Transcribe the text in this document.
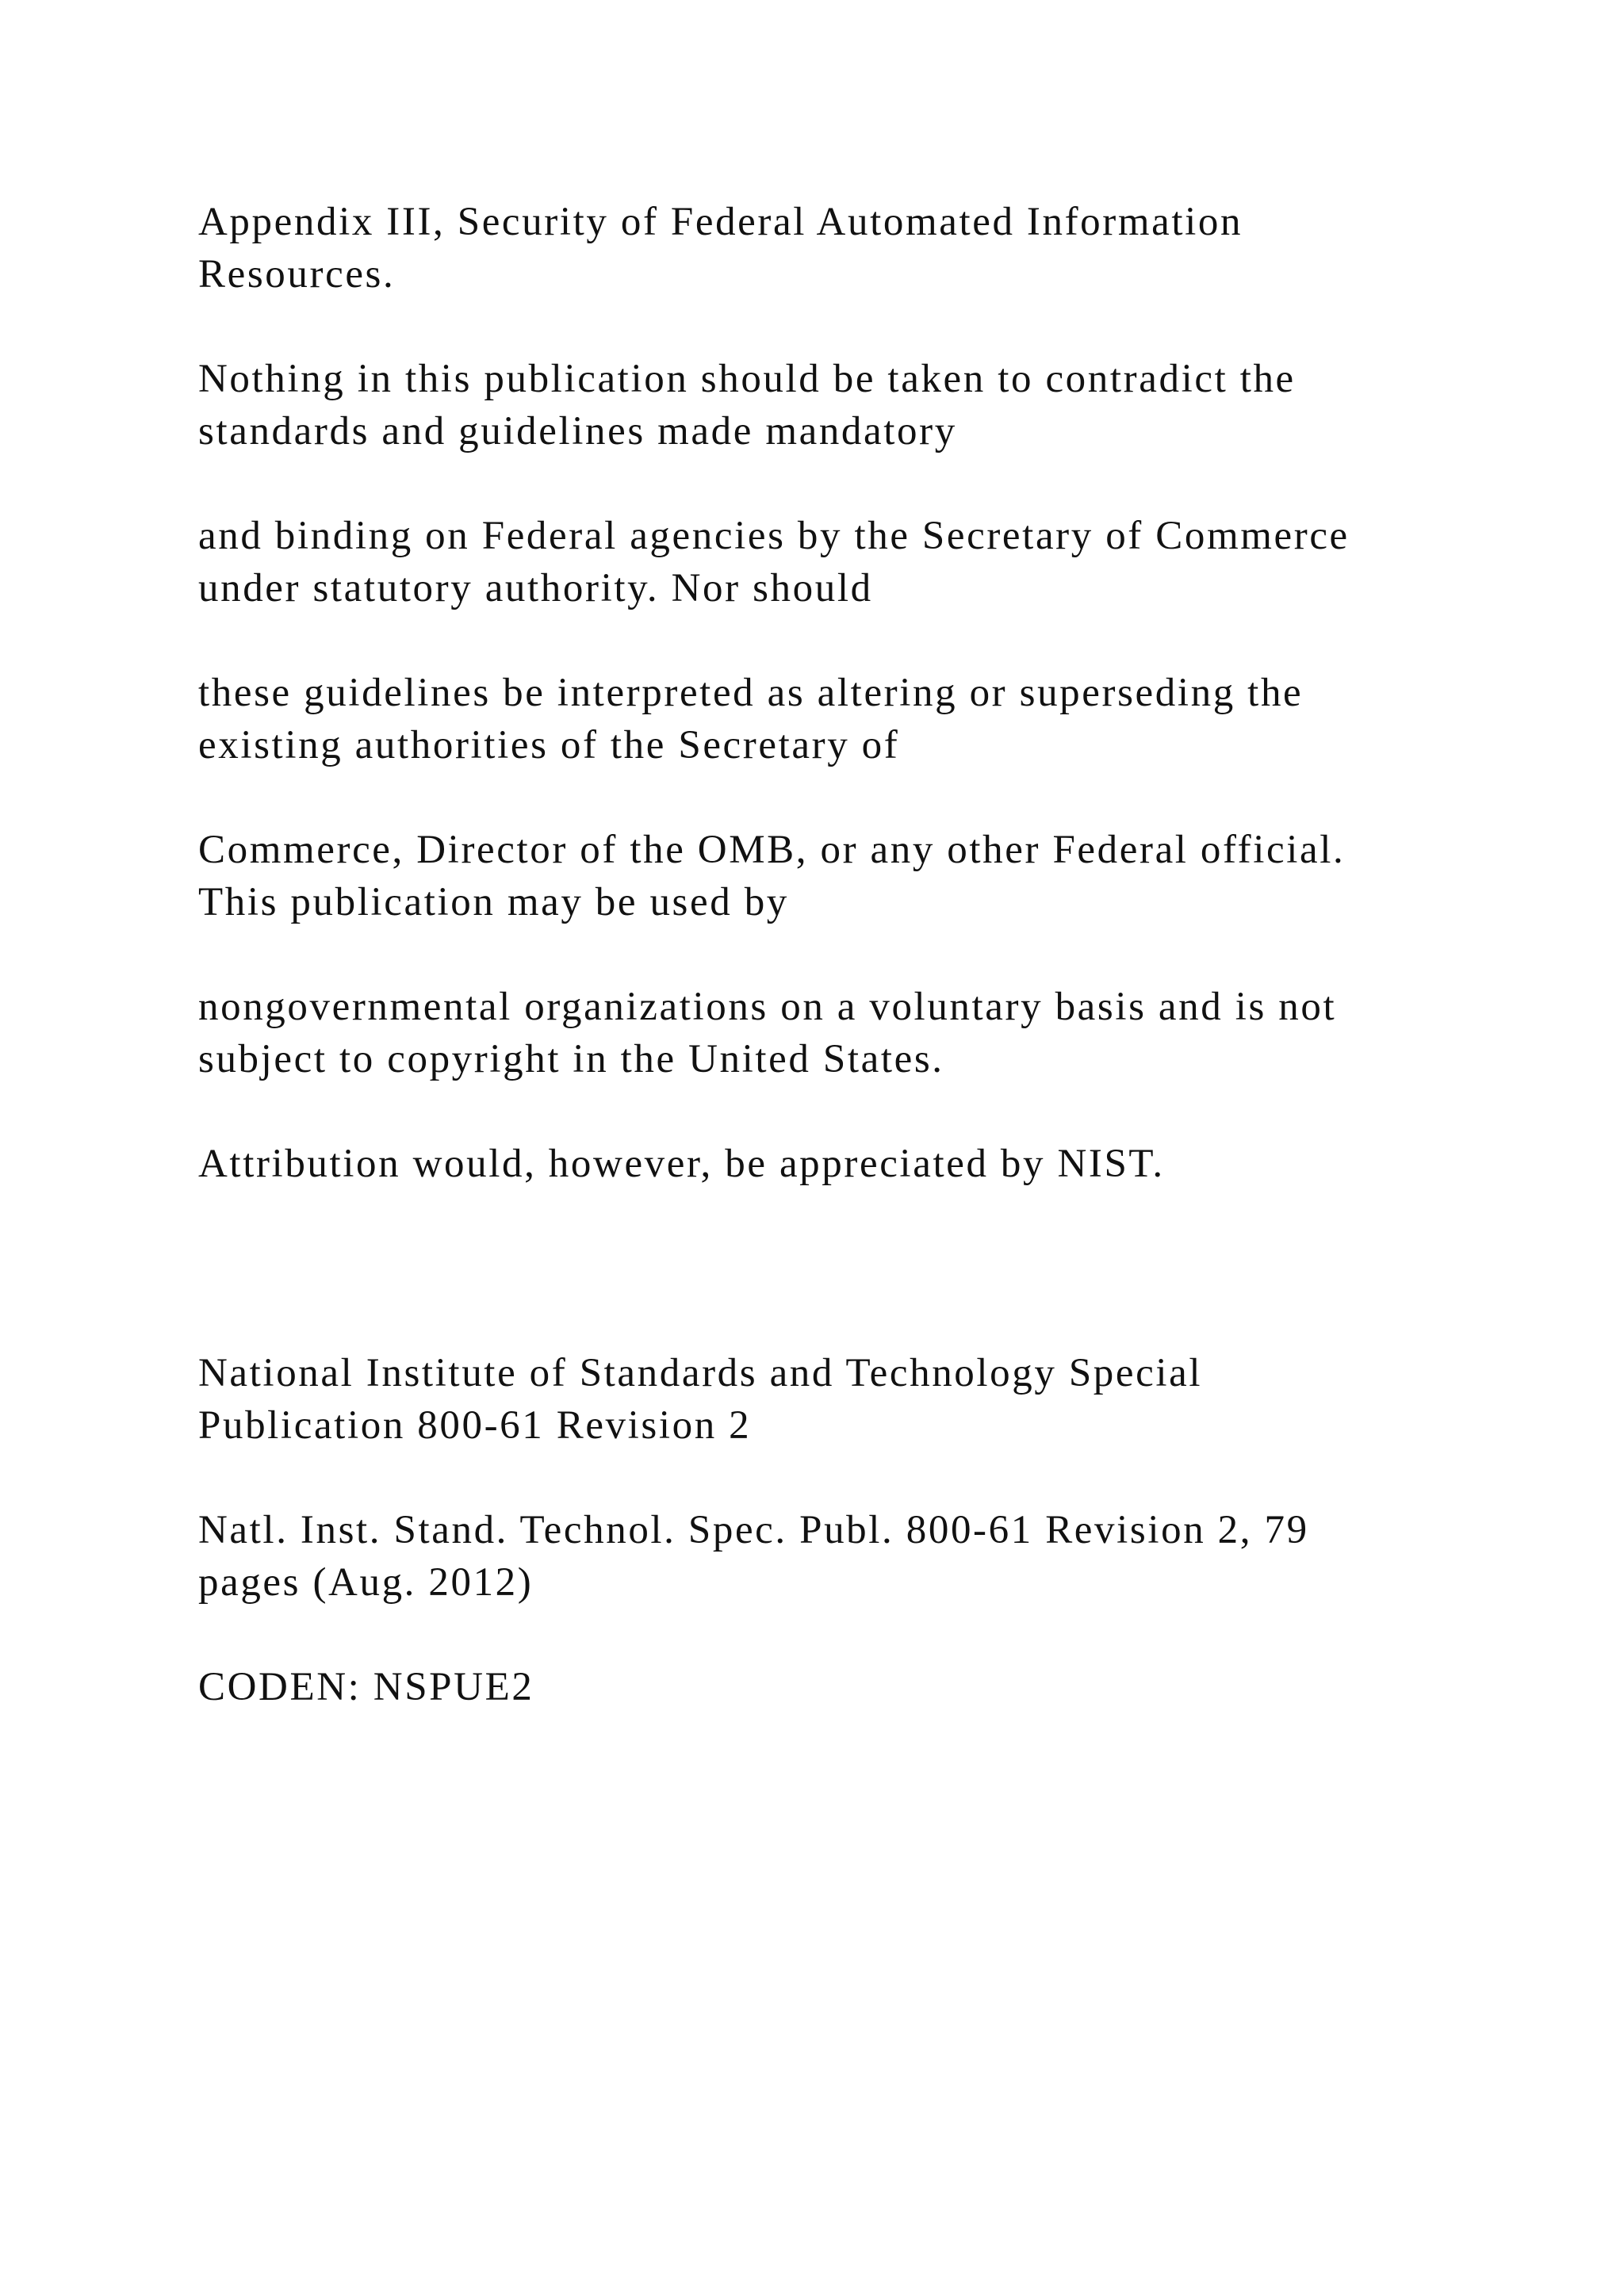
Appendix III, Security of Federal Automated Information
Resources.

Nothing in this publication should be taken to contradict the
standards and guidelines made mandatory

and binding on Federal agencies by the Secretary of Commerce
under statutory authority. Nor should

these guidelines be interpreted as altering or superseding the
existing authorities of the Secretary of

Commerce, Director of the OMB, or any other Federal official.
This publication may be used by

nongovernmental organizations on a voluntary basis and is not
subject to copyright in the United States.

Attribution would, however, be appreciated by NIST.

National Institute of Standards and Technology Special
Publication 800-61 Revision 2

Natl. Inst. Stand. Technol. Spec. Publ. 800-61 Revision 2, 79
pages (Aug. 2012)

CODEN: NSPUE2
